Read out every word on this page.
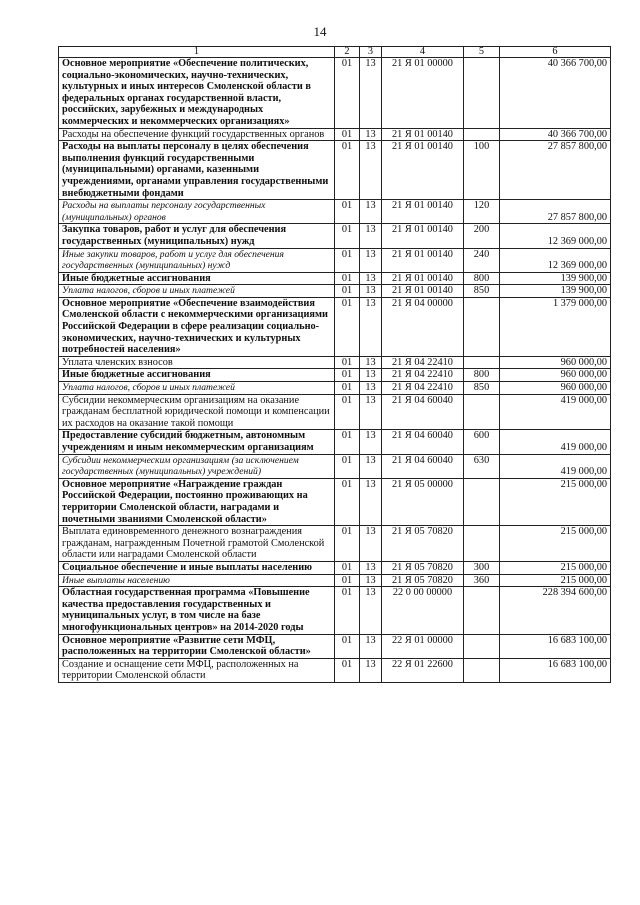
14
1	2	3	4	5	6
Основное мероприятие «Обеспечение политических, социально-экономических, научно-технических, культурных и иных интересов Смоленской области в федеральных органах государственной власти, российских, зарубежных и международных коммерческих и некоммерческих организациях»	01	13	21 Я 01 00000		40 366 700,00
Расходы на обеспечение функций государственных органов	01	13	21 Я 01 00140		40 366 700,00
Расходы на выплаты персоналу в целях обеспечения выполнения функций государственными (муниципальными) органами, казенными учреждениями, органами управления государственными внебюджетными фондами	01	13	21 Я 01 00140	100	27 857 800,00
Расходы на выплаты персоналу государственных (муниципальных) органов	01	13	21 Я 01 00140	120	27 857 800,00
Закупка товаров, работ и услуг для обеспечения государственных (муниципальных) нужд	01	13	21 Я 01 00140	200	12 369 000,00
Иные закупки товаров, работ и услуг для обеспечения государственных (муниципальных) нужд	01	13	21 Я 01 00140	240	12 369 000,00
Иные бюджетные ассигнования	01	13	21 Я 01 00140	800	139 900,00
Уплата налогов, сборов и иных платежей	01	13	21 Я 01 00140	850	139 900,00
Основное мероприятие «Обеспечение взаимодействия Смоленской области с некоммерческими организациями Российской Федерации в сфере реализации социально-экономических, научно-технических и культурных потребностей населения»	01	13	21 Я 04 00000		1 379 000,00
Уплата членских взносов	01	13	21 Я 04 22410		960 000,00
Иные бюджетные ассигнования	01	13	21 Я 04 22410	800	960 000,00
Уплата налогов, сборов и иных платежей	01	13	21 Я 04 22410	850	960 000,00
Субсидии некоммерческим организациям на оказание гражданам бесплатной юридической помощи и компенсации их расходов на оказание такой помощи	01	13	21 Я 04 60040		419 000,00
Предоставление субсидий бюджетным, автономным учреждениям и иным некоммерческим организациям	01	13	21 Я 04 60040	600	419 000,00
Субсидии некоммерческим организациям (за исключением государственных (муниципальных) учреждений)	01	13	21 Я 04 60040	630	419 000,00
Основное мероприятие «Награждение граждан Российской Федерации, постоянно проживающих на территории Смоленской области, наградами и почетными званиями Смоленской области»	01	13	21 Я 05 00000		215 000,00
Выплата единовременного денежного вознаграждения гражданам, награжденным Почетной грамотой Смоленской области или наградами Смоленской области	01	13	21 Я 05 70820		215 000,00
Социальное обеспечение и иные выплаты населению	01	13	21 Я 05 70820	300	215 000,00
Иные выплаты населению	01	13	21 Я 05 70820	360	215 000,00
Областная государственная программа «Повышение качества предоставления государственных и муниципальных услуг, в том числе на базе многофункциональных центров» на 2014-2020 годы	01	13	22 0 00 00000		228 394 600,00
Основное мероприятие «Развитие сети МФЦ, расположенных на территории Смоленской области»	01	13	22 Я 01 00000		16 683 100,00
Создание и оснащение сети МФЦ, расположенных на территории Смоленской области	01	13	22 Я 01 22600		16 683 100,00
